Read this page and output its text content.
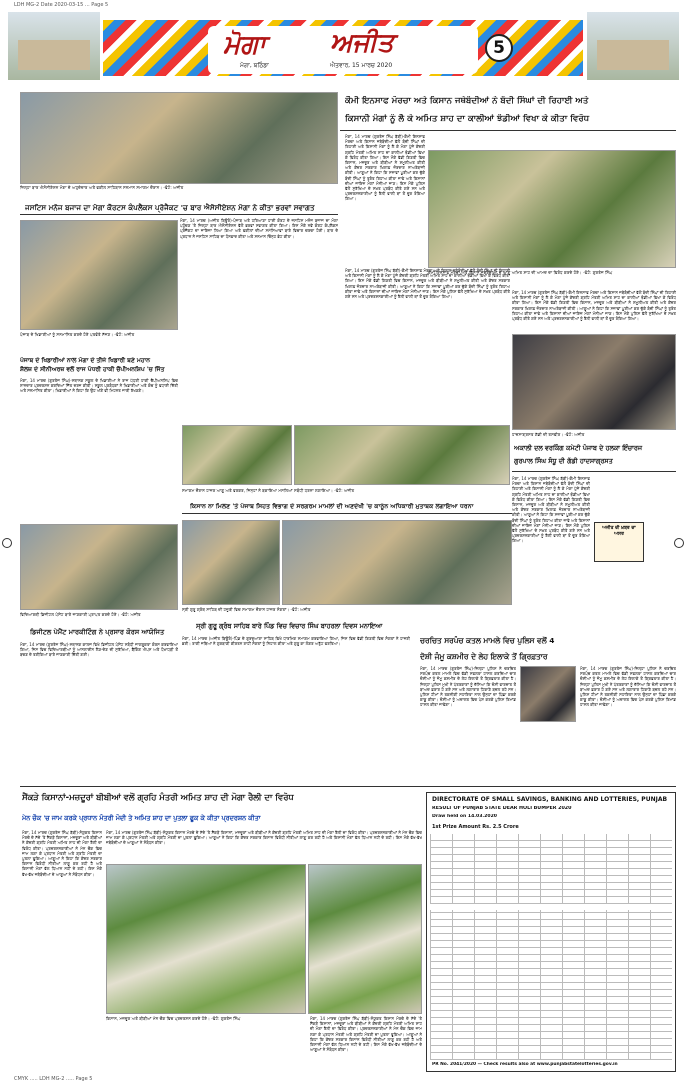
LDH MG-2 Date 2020-03-15 ... Page 5
ਮੋਗਾ ਅਜੀਤ
ਮੋਗਾ, ਬਠਿੰਡਾ	ਐਤਵਾਰ, 15 ਮਾਰਚ 2020
5
ਜ਼ਿਲ੍ਹਾ ਬਾਰ ਐਸੋਸੀਏਸ਼ਨ ਮੋਗਾ ਦੇ ਅਹੁਦੇਦਾਰ ਅਤੇ ਵਕੀਲ ਸਾਹਿਬਾਨ ਸਨਮਾਨ ਸਮਾਗਮ ਦੌਰਾਨ। -ਫੋਟੋ: ਅਜੀਤ
ਜਸਟਿਸ ਮਨੋਜ ਬਜਾਜ ਦਾ ਮੋਗਾ ਕੌਰਟਸ ਕੰਪਲੈਕਸ ਪ੍ਰੋਜੈਕਟ 'ਚ ਬਾਰ ਐਸੋਸੀਏਸ਼ਨ ਮੋਗਾ ਨੇ ਕੀਤਾ ਭਰਵਾਂ ਸਵਾਗਤ
ਮੋਗਾ, 14 ਮਾਰਚ (ਅਜੀਤ ਬਿਊਰੋ)-ਪੰਜਾਬ ਅਤੇ ਹਰਿਆਣਾ ਹਾਈ ਕੋਰਟ ਦੇ ਜਸਟਿਸ ਮਨੋਜ ਬਜਾਜ ਦਾ ਮੋਗਾ ਪਹੁੰਚਣ 'ਤੇ ਜ਼ਿਲ੍ਹਾ ਬਾਰ ਐਸੋਸੀਏਸ਼ਨ ਵੱਲੋਂ ਭਰਵਾਂ ਸਵਾਗਤ ਕੀਤਾ ਗਿਆ। ਇਸ ਮੌਕੇ ਨਵੇਂ ਕੋਰਟ ਕੰਪਲੈਕਸ ਪ੍ਰੋਜੈਕਟ ਦਾ ਜਾਇਜ਼ਾ ਲਿਆ ਗਿਆ ਅਤੇ ਵਕੀਲਾਂ ਦੀਆਂ ਸਮੱਸਿਆਵਾਂ ਬਾਰੇ ਵਿਚਾਰ ਚਰਚਾ ਹੋਈ। ਬਾਰ ਦੇ ਪ੍ਰਧਾਨ ਨੇ ਜਸਟਿਸ ਸਾਹਿਬ ਦਾ ਧੰਨਵਾਦ ਕੀਤਾ ਅਤੇ ਸਨਮਾਨ ਚਿੰਨ੍ਹ ਭੇਟ ਕੀਤਾ।
ਪੰਜਾਬ ਦੇ ਖਿਡਾਰੀਆਂ ਨੂੰ ਸਨਮਾਨਿਤ ਕਰਦੇ ਹੋਏ ਪਤਵੰਤੇ ਸੱਜਣ। -ਫੋਟੋ: ਅਜੀਤ
ਪੰਜਾਬ ਦੇ ਖਿਡਾਰੀਆਂ ਨਾਲ ਮੋਗਾ ਦੇ ਤੀਜੇ ਖਿਡਾਰੀ ਬਣੇ ਮਹਾਨ
ਸ਼ੈਲਜ਼ ਦੇ ਸੀਨੀਅਰਜ਼ ਵਲੋਂ ਰਾਜ ਪੱਧਰੀ ਹਾਕੀ ਚੈਂਪੀਅਨਸ਼ਿਪ 'ਚ ਜਿੱਤ
ਮੋਗਾ, 14 ਮਾਰਚ (ਗੁਰਤੇਜ ਸਿੰਘ)-ਸਥਾਨਕ ਸਕੂਲ ਦੇ ਖਿਡਾਰੀਆਂ ਨੇ ਰਾਜ ਪੱਧਰੀ ਹਾਕੀ ਚੈਂਪੀਅਨਸ਼ਿਪ ਵਿਚ ਸ਼ਾਨਦਾਰ ਪ੍ਰਦਰਸ਼ਨ ਕਰਦਿਆਂ ਜਿੱਤ ਦਰਜ ਕੀਤੀ। ਸਕੂਲ ਪ੍ਰਬੰਧਕਾਂ ਨੇ ਖਿਡਾਰੀਆਂ ਅਤੇ ਕੋਚ ਨੂੰ ਵਧਾਈ ਦਿੱਤੀ ਅਤੇ ਸਨਮਾਨਿਤ ਕੀਤਾ। ਖਿਡਾਰੀਆਂ ਨੇ ਕਿਹਾ ਕਿ ਉਹ ਅੱਗੇ ਵੀ ਮਿਹਨਤ ਜਾਰੀ ਰੱਖਣਗੇ।
ਸਮਾਗਮ ਦੌਰਾਨ ਹਾਜ਼ਰ ਆਗੂ ਅਤੇ ਵਰਕਰ, ਜਿਨ੍ਹਾਂ ਨੇ ਬਕਾਇਆ ਮਸਲਿਆਂ ਸਬੰਧੀ ਧਰਨਾ ਲਗਾਇਆ। -ਫੋਟੋ: ਅਜੀਤ
ਕਿਸਾਨ ਨਾ ਮਿਲਣ 'ਤੇ ਪੰਜਾਬ ਸਿਹਤ ਵਿਭਾਗ ਦੇ ਸਰਗਰਮ ਮਾਮਲਾਂ ਦੀ ਅਣਦੇਖੀ 'ਚ ਕਾਨੂੰਨ ਅਧਿਕਾਰੀ ਮੁਤਾਬਕ ਲਗਾਇਆ ਧਰਨਾ
ਕੌਮੀ ਇਨਸਾਫ ਮੋਰਚਾ ਅਤੇ ਕਿਸਾਨ ਜਥੇਬੰਦੀਆਂ ਨੇ ਬੰਦੀ ਸਿੰਘਾਂ ਦੀ ਰਿਹਾਈ ਅਤੇ
ਕਿਸਾਨੀ ਮੰਗਾਂ ਨੂੰ ਲੈ ਕੇ ਅਮਿਤ ਸ਼ਾਹ ਦਾ ਕਾਲੀਆਂ ਝੰਡੀਆਂ ਵਿਖਾ ਕੇ ਕੀਤਾ ਵਿਰੋਧ
ਮੋਗਾ, 14 ਮਾਰਚ (ਗੁਰਤੇਜ ਸਿੰਘ ਬੱਬੀ)-ਕੌਮੀ ਇਨਸਾਫ ਮੋਰਚਾ ਅਤੇ ਕਿਸਾਨ ਜਥੇਬੰਦੀਆਂ ਵੱਲੋਂ ਬੰਦੀ ਸਿੰਘਾਂ ਦੀ ਰਿਹਾਈ ਅਤੇ ਕਿਸਾਨੀ ਮੰਗਾਂ ਨੂੰ ਲੈ ਕੇ ਮੋਗਾ ਪੁੱਜੇ ਕੇਂਦਰੀ ਗ੍ਰਹਿ ਮੰਤਰੀ ਅਮਿਤ ਸ਼ਾਹ ਦਾ ਕਾਲੀਆਂ ਝੰਡੀਆਂ ਵਿਖਾ ਕੇ ਵਿਰੋਧ ਕੀਤਾ ਗਿਆ। ਇਸ ਮੌਕੇ ਵੱਡੀ ਗਿਣਤੀ ਵਿਚ ਕਿਸਾਨ, ਮਜ਼ਦੂਰ ਅਤੇ ਬੀਬੀਆਂ ਨੇ ਸ਼ਮੂਲੀਅਤ ਕੀਤੀ ਅਤੇ ਕੇਂਦਰ ਸਰਕਾਰ ਖ਼ਿਲਾਫ਼ ਜ਼ੋਰਦਾਰ ਨਾਅਰੇਬਾਜ਼ੀ ਕੀਤੀ। ਆਗੂਆਂ ਨੇ ਕਿਹਾ ਕਿ ਸਜ਼ਾਵਾਂ ਪੂਰੀਆਂ ਕਰ ਚੁੱਕੇ ਬੰਦੀ ਸਿੰਘਾਂ ਨੂੰ ਤੁਰੰਤ ਰਿਹਾਅ ਕੀਤਾ ਜਾਵੇ ਅਤੇ ਕਿਸਾਨਾਂ ਦੀਆਂ ਜਾਇਜ਼ ਮੰਗਾਂ ਮੰਨੀਆਂ ਜਾਣ। ਇਸ ਮੌਕੇ ਪੁਲਿਸ ਵੱਲੋਂ ਸੁਰੱਖਿਆ ਦੇ ਸਖ਼ਤ ਪ੍ਰਬੰਧ ਕੀਤੇ ਗਏ ਸਨ ਅਤੇ ਪ੍ਰਦਰਸ਼ਨਕਾਰੀਆਂ ਨੂੰ ਰੈਲੀ ਵਾਲੀ ਥਾਂ ਤੋਂ ਦੂਰ ਰੋਕਿਆ ਗਿਆ।
ਕੌਮੀ ਇਨਸਾਫ ਮੋਰਚਾ ਅਤੇ ਕਿਸਾਨ ਜਥੇਬੰਦੀਆਂ ਦੇ ਆਗੂ ਅਮਿਤ ਸ਼ਾਹ ਦੀ ਆਮਦ ਦਾ ਵਿਰੋਧ ਕਰਦੇ ਹੋਏ। -ਫੋਟੋ: ਗੁਰਤੇਜ ਸਿੰਘ
ਮੋਗਾ, 14 ਮਾਰਚ (ਗੁਰਤੇਜ ਸਿੰਘ ਬੱਬੀ)-ਕੌਮੀ ਇਨਸਾਫ ਮੋਰਚਾ ਅਤੇ ਕਿਸਾਨ ਜਥੇਬੰਦੀਆਂ ਵੱਲੋਂ ਬੰਦੀ ਸਿੰਘਾਂ ਦੀ ਰਿਹਾਈ ਅਤੇ ਕਿਸਾਨੀ ਮੰਗਾਂ ਨੂੰ ਲੈ ਕੇ ਮੋਗਾ ਪੁੱਜੇ ਕੇਂਦਰੀ ਗ੍ਰਹਿ ਮੰਤਰੀ ਅਮਿਤ ਸ਼ਾਹ ਦਾ ਕਾਲੀਆਂ ਝੰਡੀਆਂ ਵਿਖਾ ਕੇ ਵਿਰੋਧ ਕੀਤਾ ਗਿਆ। ਇਸ ਮੌਕੇ ਵੱਡੀ ਗਿਣਤੀ ਵਿਚ ਕਿਸਾਨ, ਮਜ਼ਦੂਰ ਅਤੇ ਬੀਬੀਆਂ ਨੇ ਸ਼ਮੂਲੀਅਤ ਕੀਤੀ ਅਤੇ ਕੇਂਦਰ ਸਰਕਾਰ ਖ਼ਿਲਾਫ਼ ਜ਼ੋਰਦਾਰ ਨਾਅਰੇਬਾਜ਼ੀ ਕੀਤੀ। ਆਗੂਆਂ ਨੇ ਕਿਹਾ ਕਿ ਸਜ਼ਾਵਾਂ ਪੂਰੀਆਂ ਕਰ ਚੁੱਕੇ ਬੰਦੀ ਸਿੰਘਾਂ ਨੂੰ ਤੁਰੰਤ ਰਿਹਾਅ ਕੀਤਾ ਜਾਵੇ ਅਤੇ ਕਿਸਾਨਾਂ ਦੀਆਂ ਜਾਇਜ਼ ਮੰਗਾਂ ਮੰਨੀਆਂ ਜਾਣ। ਇਸ ਮੌਕੇ ਪੁਲਿਸ ਵੱਲੋਂ ਸੁਰੱਖਿਆ ਦੇ ਸਖ਼ਤ ਪ੍ਰਬੰਧ ਕੀਤੇ ਗਏ ਸਨ ਅਤੇ ਪ੍ਰਦਰਸ਼ਨਕਾਰੀਆਂ ਨੂੰ ਰੈਲੀ ਵਾਲੀ ਥਾਂ ਤੋਂ ਦੂਰ ਰੋਕਿਆ ਗਿਆ।
ਮੋਗਾ, 14 ਮਾਰਚ (ਗੁਰਤੇਜ ਸਿੰਘ ਬੱਬੀ)-ਕੌਮੀ ਇਨਸਾਫ ਮੋਰਚਾ ਅਤੇ ਕਿਸਾਨ ਜਥੇਬੰਦੀਆਂ ਵੱਲੋਂ ਬੰਦੀ ਸਿੰਘਾਂ ਦੀ ਰਿਹਾਈ ਅਤੇ ਕਿਸਾਨੀ ਮੰਗਾਂ ਨੂੰ ਲੈ ਕੇ ਮੋਗਾ ਪੁੱਜੇ ਕੇਂਦਰੀ ਗ੍ਰਹਿ ਮੰਤਰੀ ਅਮਿਤ ਸ਼ਾਹ ਦਾ ਕਾਲੀਆਂ ਝੰਡੀਆਂ ਵਿਖਾ ਕੇ ਵਿਰੋਧ ਕੀਤਾ ਗਿਆ। ਇਸ ਮੌਕੇ ਵੱਡੀ ਗਿਣਤੀ ਵਿਚ ਕਿਸਾਨ, ਮਜ਼ਦੂਰ ਅਤੇ ਬੀਬੀਆਂ ਨੇ ਸ਼ਮੂਲੀਅਤ ਕੀਤੀ ਅਤੇ ਕੇਂਦਰ ਸਰਕਾਰ ਖ਼ਿਲਾਫ਼ ਜ਼ੋਰਦਾਰ ਨਾਅਰੇਬਾਜ਼ੀ ਕੀਤੀ। ਆਗੂਆਂ ਨੇ ਕਿਹਾ ਕਿ ਸਜ਼ਾਵਾਂ ਪੂਰੀਆਂ ਕਰ ਚੁੱਕੇ ਬੰਦੀ ਸਿੰਘਾਂ ਨੂੰ ਤੁਰੰਤ ਰਿਹਾਅ ਕੀਤਾ ਜਾਵੇ ਅਤੇ ਕਿਸਾਨਾਂ ਦੀਆਂ ਜਾਇਜ਼ ਮੰਗਾਂ ਮੰਨੀਆਂ ਜਾਣ। ਇਸ ਮੌਕੇ ਪੁਲਿਸ ਵੱਲੋਂ ਸੁਰੱਖਿਆ ਦੇ ਸਖ਼ਤ ਪ੍ਰਬੰਧ ਕੀਤੇ ਗਏ ਸਨ ਅਤੇ ਪ੍ਰਦਰਸ਼ਨਕਾਰੀਆਂ ਨੂੰ ਰੈਲੀ ਵਾਲੀ ਥਾਂ ਤੋਂ ਦੂਰ ਰੋਕਿਆ ਗਿਆ।
ਹਾਦਸਾਗ੍ਰਸਤ ਗੱਡੀ ਦੀ ਤਸਵੀਰ। -ਫੋਟੋ: ਅਜੀਤ
ਅਕਾਲੀ ਦਲ ਵਰਕਿੰਗ ਕਮੇਟੀ ਪੰਜਾਬ ਦੇ ਹਲਕਾ ਇੰਚਾਰਜ
ਗੁਰਪਾਲ ਸਿੰਘ ਸੰਧੂ ਦੀ ਗੱਡੀ ਹਾਦਸਾਗ੍ਰਸਤ
ਮੋਗਾ, 14 ਮਾਰਚ (ਗੁਰਤੇਜ ਸਿੰਘ ਬੱਬੀ)-ਕੌਮੀ ਇਨਸਾਫ ਮੋਰਚਾ ਅਤੇ ਕਿਸਾਨ ਜਥੇਬੰਦੀਆਂ ਵੱਲੋਂ ਬੰਦੀ ਸਿੰਘਾਂ ਦੀ ਰਿਹਾਈ ਅਤੇ ਕਿਸਾਨੀ ਮੰਗਾਂ ਨੂੰ ਲੈ ਕੇ ਮੋਗਾ ਪੁੱਜੇ ਕੇਂਦਰੀ ਗ੍ਰਹਿ ਮੰਤਰੀ ਅਮਿਤ ਸ਼ਾਹ ਦਾ ਕਾਲੀਆਂ ਝੰਡੀਆਂ ਵਿਖਾ ਕੇ ਵਿਰੋਧ ਕੀਤਾ ਗਿਆ। ਇਸ ਮੌਕੇ ਵੱਡੀ ਗਿਣਤੀ ਵਿਚ ਕਿਸਾਨ, ਮਜ਼ਦੂਰ ਅਤੇ ਬੀਬੀਆਂ ਨੇ ਸ਼ਮੂਲੀਅਤ ਕੀਤੀ ਅਤੇ ਕੇਂਦਰ ਸਰਕਾਰ ਖ਼ਿਲਾਫ਼ ਜ਼ੋਰਦਾਰ ਨਾਅਰੇਬਾਜ਼ੀ ਕੀਤੀ। ਆਗੂਆਂ ਨੇ ਕਿਹਾ ਕਿ ਸਜ਼ਾਵਾਂ ਪੂਰੀਆਂ ਕਰ ਚੁੱਕੇ ਬੰਦੀ ਸਿੰਘਾਂ ਨੂੰ ਤੁਰੰਤ ਰਿਹਾਅ ਕੀਤਾ ਜਾਵੇ ਅਤੇ ਕਿਸਾਨਾਂ ਦੀਆਂ ਜਾਇਜ਼ ਮੰਗਾਂ ਮੰਨੀਆਂ ਜਾਣ। ਇਸ ਮੌਕੇ ਪੁਲਿਸ ਵੱਲੋਂ ਸੁਰੱਖਿਆ ਦੇ ਸਖ਼ਤ ਪ੍ਰਬੰਧ ਕੀਤੇ ਗਏ ਸਨ ਅਤੇ ਪ੍ਰਦਰਸ਼ਨਕਾਰੀਆਂ ਨੂੰ ਰੈਲੀ ਵਾਲੀ ਥਾਂ ਤੋਂ ਦੂਰ ਰੋਕਿਆ ਗਿਆ।
ਅਜੀਤ ਦੀ ਖ਼ਬਰ ਦਾ ਅਸਰ
ਵਿਦਿਆਰਥੀ ਡਿਜੀਟਲ ਪੇਮੈਂਟ ਬਾਰੇ ਜਾਣਕਾਰੀ ਪ੍ਰਾਪਤ ਕਰਦੇ ਹੋਏ। -ਫੋਟੋ: ਅਜੀਤ
ਡਿਜੀਟਲ ਪੇਮੈਂਟ ਮਾਰਕੀਟਿੰਗ ਨੇ ਪ੍ਰਸਾਰ ਕੋਰਸ ਆਯੋਜਿਤ
ਮੋਗਾ, 14 ਮਾਰਚ (ਗੁਰਤੇਜ ਸਿੰਘ)-ਸਥਾਨਕ ਕਾਲਜ ਵਿਖੇ ਡਿਜੀਟਲ ਪੇਮੈਂਟ ਸਬੰਧੀ ਜਾਗਰੂਕਤਾ ਕੋਰਸ ਕਰਵਾਇਆ ਗਿਆ, ਜਿਸ ਵਿਚ ਵਿਦਿਆਰਥੀਆਂ ਨੂੰ ਆਨਲਾਈਨ ਲੈਣ-ਦੇਣ ਦੀ ਸੁਰੱਖਿਆ, ਬੈਂਕਿੰਗ ਐਪਸ ਅਤੇ ਧੋਖਾਧੜੀ ਤੋਂ ਬਚਣ ਦੇ ਤਰੀਕਿਆਂ ਬਾਰੇ ਜਾਣਕਾਰੀ ਦਿੱਤੀ ਗਈ।
ਸ੍ਰੀ ਗੁਰੂ ਗ੍ਰੰਥ ਸਾਹਿਬ ਦੀ ਹਜ਼ੂਰੀ ਵਿਚ ਸਮਾਗਮ ਦੌਰਾਨ ਹਾਜ਼ਰ ਸੰਗਤਾਂ। -ਫੋਟੋ: ਅਜੀਤ
ਸ੍ਰੀ ਗੁਰੂ ਗ੍ਰੰਥ ਸਾਹਿਬ ਬਾਰੇ ਪਿੰਡ ਵਿਚ ਵਿਚਾਰ ਸਿੰਘ ਬਾਹਰਲਾ ਦਿਵਸ ਮਨਾਇਆ
ਮੋਗਾ, 14 ਮਾਰਚ (ਅਜੀਤ ਬਿਊਰੋ)-ਪਿੰਡ ਦੇ ਗੁਰਦੁਆਰਾ ਸਾਹਿਬ ਵਿਖੇ ਧਾਰਮਿਕ ਸਮਾਗਮ ਕਰਵਾਇਆ ਗਿਆ, ਜਿਸ ਵਿਚ ਵੱਡੀ ਗਿਣਤੀ ਵਿਚ ਸੰਗਤਾਂ ਨੇ ਹਾਜ਼ਰੀ ਭਰੀ। ਰਾਗੀ ਜਥਿਆਂ ਨੇ ਗੁਰਬਾਣੀ ਕੀਰਤਨ ਰਾਹੀਂ ਸੰਗਤਾਂ ਨੂੰ ਨਿਹਾਲ ਕੀਤਾ ਅਤੇ ਗੁਰੂ ਕਾ ਲੰਗਰ ਅਤੁੱਟ ਵਰਤਿਆ।	ਚਰਚਿਤ ਸਰਪੰਚ ਕਤਲ ਮਾਮਲੇ ਵਿਚ ਪੁਲਿਸ ਵਲੋਂ 4
ਦੋਸ਼ੀ ਜੰਮੂ ਕਸ਼ਮੀਰ ਦੇ ਲੇਹ ਇਲਾਕੇ ਤੋਂ ਗ੍ਰਿਫ਼ਤਾਰ
ਮੋਗਾ, 14 ਮਾਰਚ (ਗੁਰਤੇਜ ਸਿੰਘ)-ਜ਼ਿਲ੍ਹਾ ਪੁਲਿਸ ਨੇ ਚਰਚਿਤ ਸਰਪੰਚ ਕਤਲ ਮਾਮਲੇ ਵਿਚ ਵੱਡੀ ਸਫਲਤਾ ਹਾਸਲ ਕਰਦਿਆਂ ਚਾਰ ਦੋਸ਼ੀਆਂ ਨੂੰ ਜੰਮੂ ਕਸ਼ਮੀਰ ਦੇ ਲੇਹ ਇਲਾਕੇ ਤੋਂ ਗ੍ਰਿਫ਼ਤਾਰ ਕੀਤਾ ਹੈ। ਜ਼ਿਲ੍ਹਾ ਪੁਲਿਸ ਮੁਖੀ ਨੇ ਪੱਤਰਕਾਰਾਂ ਨੂੰ ਦੱਸਿਆ ਕਿ ਦੋਸ਼ੀ ਵਾਰਦਾਤ ਤੋਂ ਬਾਅਦ ਫ਼ਰਾਰ ਹੋ ਗਏ ਸਨ ਅਤੇ ਲਗਾਤਾਰ ਟਿਕਾਣੇ ਬਦਲ ਰਹੇ ਸਨ। ਪੁਲਿਸ ਟੀਮਾਂ ਨੇ ਤਕਨੀਕੀ ਸਹਾਇਤਾ ਨਾਲ ਉਨ੍ਹਾਂ ਦਾ ਪਿੱਛਾ ਕਰਕੇ ਕਾਬੂ ਕੀਤਾ। ਦੋਸ਼ੀਆਂ ਨੂੰ ਅਦਾਲਤ ਵਿਚ ਪੇਸ਼ ਕਰਕੇ ਪੁਲਿਸ ਰਿਮਾਂਡ ਹਾਸਲ ਕੀਤਾ ਜਾਵੇਗਾ।
ਮੋਗਾ, 14 ਮਾਰਚ (ਗੁਰਤੇਜ ਸਿੰਘ)-ਜ਼ਿਲ੍ਹਾ ਪੁਲਿਸ ਨੇ ਚਰਚਿਤ ਸਰਪੰਚ ਕਤਲ ਮਾਮਲੇ ਵਿਚ ਵੱਡੀ ਸਫਲਤਾ ਹਾਸਲ ਕਰਦਿਆਂ ਚਾਰ ਦੋਸ਼ੀਆਂ ਨੂੰ ਜੰਮੂ ਕਸ਼ਮੀਰ ਦੇ ਲੇਹ ਇਲਾਕੇ ਤੋਂ ਗ੍ਰਿਫ਼ਤਾਰ ਕੀਤਾ ਹੈ। ਜ਼ਿਲ੍ਹਾ ਪੁਲਿਸ ਮੁਖੀ ਨੇ ਪੱਤਰਕਾਰਾਂ ਨੂੰ ਦੱਸਿਆ ਕਿ ਦੋਸ਼ੀ ਵਾਰਦਾਤ ਤੋਂ ਬਾਅਦ ਫ਼ਰਾਰ ਹੋ ਗਏ ਸਨ ਅਤੇ ਲਗਾਤਾਰ ਟਿਕਾਣੇ ਬਦਲ ਰਹੇ ਸਨ। ਪੁਲਿਸ ਟੀਮਾਂ ਨੇ ਤਕਨੀਕੀ ਸਹਾਇਤਾ ਨਾਲ ਉਨ੍ਹਾਂ ਦਾ ਪਿੱਛਾ ਕਰਕੇ ਕਾਬੂ ਕੀਤਾ। ਦੋਸ਼ੀਆਂ ਨੂੰ ਅਦਾਲਤ ਵਿਚ ਪੇਸ਼ ਕਰਕੇ ਪੁਲਿਸ ਰਿਮਾਂਡ ਹਾਸਲ ਕੀਤਾ ਜਾਵੇਗਾ।
ਸੈਂਕੜੇ ਕਿਸਾਨਾਂ-ਮਜ਼ਦੂਰਾਂ ਬੀਬੀਆਂ ਵਲੋਂ ਗ੍ਰਹਿ ਮੰਤਰੀ ਅਮਿਤ ਸ਼ਾਹ ਦੀ ਮੋਗਾ ਰੈਲੀ ਦਾ ਵਿਰੋਧ
ਮੇਨ ਚੌਕ 'ਚ ਜਾਮ ਕਰਕੇ ਪ੍ਰਧਾਨ ਮੰਤਰੀ ਮੋਦੀ ਤੇ ਅਮਿਤ ਸ਼ਾਹ ਦਾ ਪੁਤਲਾ ਫੂਕ ਕੇ ਕੀਤਾ ਪ੍ਰਦਰਸ਼ਨ ਕੀਤਾ
ਮੋਗਾ, 14 ਮਾਰਚ (ਗੁਰਤੇਜ ਸਿੰਘ ਬੱਬੀ)-ਸੰਯੁਕਤ ਕਿਸਾਨ ਮੋਰਚੇ ਦੇ ਸੱਦੇ 'ਤੇ ਸੈਂਕੜੇ ਕਿਸਾਨਾਂ, ਮਜ਼ਦੂਰਾਂ ਅਤੇ ਬੀਬੀਆਂ ਨੇ ਕੇਂਦਰੀ ਗ੍ਰਹਿ ਮੰਤਰੀ ਅਮਿਤ ਸ਼ਾਹ ਦੀ ਮੋਗਾ ਰੈਲੀ ਦਾ ਵਿਰੋਧ ਕੀਤਾ। ਪ੍ਰਦਰਸ਼ਨਕਾਰੀਆਂ ਨੇ ਮੇਨ ਚੌਕ ਵਿਚ ਜਾਮ ਲਗਾ ਕੇ ਪ੍ਰਧਾਨ ਮੰਤਰੀ ਅਤੇ ਗ੍ਰਹਿ ਮੰਤਰੀ ਦਾ ਪੁਤਲਾ ਫੂਕਿਆ। ਆਗੂਆਂ ਨੇ ਕਿਹਾ ਕਿ ਕੇਂਦਰ ਸਰਕਾਰ ਕਿਸਾਨ ਵਿਰੋਧੀ ਨੀਤੀਆਂ ਲਾਗੂ ਕਰ ਰਹੀ ਹੈ ਅਤੇ ਕਿਸਾਨੀ ਮੰਗਾਂ ਵੱਲ ਧਿਆਨ ਨਹੀਂ ਦੇ ਰਹੀ। ਇਸ ਮੌਕੇ ਵੱਖ-ਵੱਖ ਜਥੇਬੰਦੀਆਂ ਦੇ ਆਗੂਆਂ ਨੇ ਸੰਬੋਧਨ ਕੀਤਾ।
ਮੋਗਾ, 14 ਮਾਰਚ (ਗੁਰਤੇਜ ਸਿੰਘ ਬੱਬੀ)-ਸੰਯੁਕਤ ਕਿਸਾਨ ਮੋਰਚੇ ਦੇ ਸੱਦੇ 'ਤੇ ਸੈਂਕੜੇ ਕਿਸਾਨਾਂ, ਮਜ਼ਦੂਰਾਂ ਅਤੇ ਬੀਬੀਆਂ ਨੇ ਕੇਂਦਰੀ ਗ੍ਰਹਿ ਮੰਤਰੀ ਅਮਿਤ ਸ਼ਾਹ ਦੀ ਮੋਗਾ ਰੈਲੀ ਦਾ ਵਿਰੋਧ ਕੀਤਾ। ਪ੍ਰਦਰਸ਼ਨਕਾਰੀਆਂ ਨੇ ਮੇਨ ਚੌਕ ਵਿਚ ਜਾਮ ਲਗਾ ਕੇ ਪ੍ਰਧਾਨ ਮੰਤਰੀ ਅਤੇ ਗ੍ਰਹਿ ਮੰਤਰੀ ਦਾ ਪੁਤਲਾ ਫੂਕਿਆ। ਆਗੂਆਂ ਨੇ ਕਿਹਾ ਕਿ ਕੇਂਦਰ ਸਰਕਾਰ ਕਿਸਾਨ ਵਿਰੋਧੀ ਨੀਤੀਆਂ ਲਾਗੂ ਕਰ ਰਹੀ ਹੈ ਅਤੇ ਕਿਸਾਨੀ ਮੰਗਾਂ ਵੱਲ ਧਿਆਨ ਨਹੀਂ ਦੇ ਰਹੀ। ਇਸ ਮੌਕੇ ਵੱਖ-ਵੱਖ ਜਥੇਬੰਦੀਆਂ ਦੇ ਆਗੂਆਂ ਨੇ ਸੰਬੋਧਨ ਕੀਤਾ।
ਕਿਸਾਨ, ਮਜ਼ਦੂਰ ਅਤੇ ਬੀਬੀਆਂ ਮੇਨ ਚੌਕ ਵਿਚ ਪ੍ਰਦਰਸ਼ਨ ਕਰਦੇ ਹੋਏ। -ਫੋਟੋ: ਗੁਰਤੇਜ ਸਿੰਘ	ਮੋਗਾ, 14 ਮਾਰਚ (ਗੁਰਤੇਜ ਸਿੰਘ ਬੱਬੀ)-ਸੰਯੁਕਤ ਕਿਸਾਨ ਮੋਰਚੇ ਦੇ ਸੱਦੇ 'ਤੇ ਸੈਂਕੜੇ ਕਿਸਾਨਾਂ, ਮਜ਼ਦੂਰਾਂ ਅਤੇ ਬੀਬੀਆਂ ਨੇ ਕੇਂਦਰੀ ਗ੍ਰਹਿ ਮੰਤਰੀ ਅਮਿਤ ਸ਼ਾਹ ਦੀ ਮੋਗਾ ਰੈਲੀ ਦਾ ਵਿਰੋਧ ਕੀਤਾ। ਪ੍ਰਦਰਸ਼ਨਕਾਰੀਆਂ ਨੇ ਮੇਨ ਚੌਕ ਵਿਚ ਜਾਮ ਲਗਾ ਕੇ ਪ੍ਰਧਾਨ ਮੰਤਰੀ ਅਤੇ ਗ੍ਰਹਿ ਮੰਤਰੀ ਦਾ ਪੁਤਲਾ ਫੂਕਿਆ। ਆਗੂਆਂ ਨੇ ਕਿਹਾ ਕਿ ਕੇਂਦਰ ਸਰਕਾਰ ਕਿਸਾਨ ਵਿਰੋਧੀ ਨੀਤੀਆਂ ਲਾਗੂ ਕਰ ਰਹੀ ਹੈ ਅਤੇ ਕਿਸਾਨੀ ਮੰਗਾਂ ਵੱਲ ਧਿਆਨ ਨਹੀਂ ਦੇ ਰਹੀ। ਇਸ ਮੌਕੇ ਵੱਖ-ਵੱਖ ਜਥੇਬੰਦੀਆਂ ਦੇ ਆਗੂਆਂ ਨੇ ਸੰਬੋਧਨ ਕੀਤਾ।
DIRECTORATE OF SMALL SAVINGS, BANKING AND LOTTERIES, PUNJAB
RESULT OF PUNJAB STATE DEAR HOLI BUMPER 2020
Draw held on 14.03.2020
1st Prize Amount Rs. 2.5 Crore
PR No. 2041/2020 — Check results also at www.punjabstatelotteries.gov.in
CMYK ..... LDH MG-2 ..... Page 5
